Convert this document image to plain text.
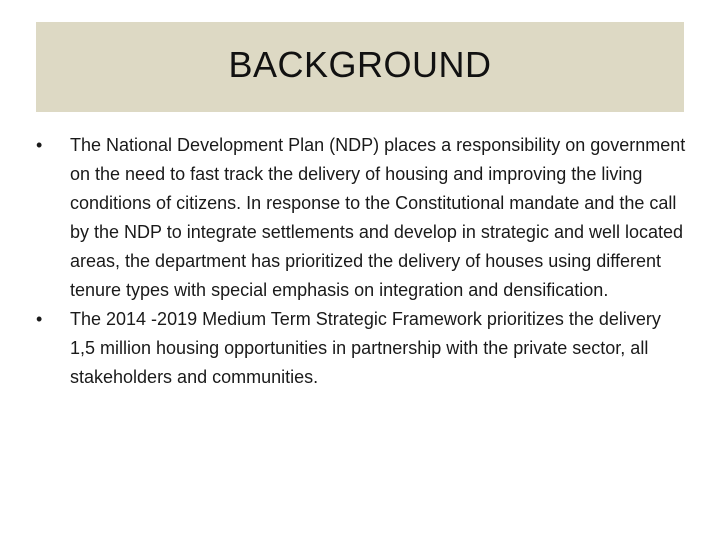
BACKGROUND
•	The National Development Plan (NDP) places a responsibility on government on the need to fast track the delivery of housing and improving the living conditions of citizens. In response to the Constitutional mandate and the call by the NDP to integrate settlements and develop in strategic and well located areas, the department has prioritized the delivery of houses using different tenure types with special emphasis on integration and densification.
•	The 2014 -2019 Medium Term Strategic Framework prioritizes the delivery 1,5 million housing opportunities in partnership with the private sector, all stakeholders and communities.
